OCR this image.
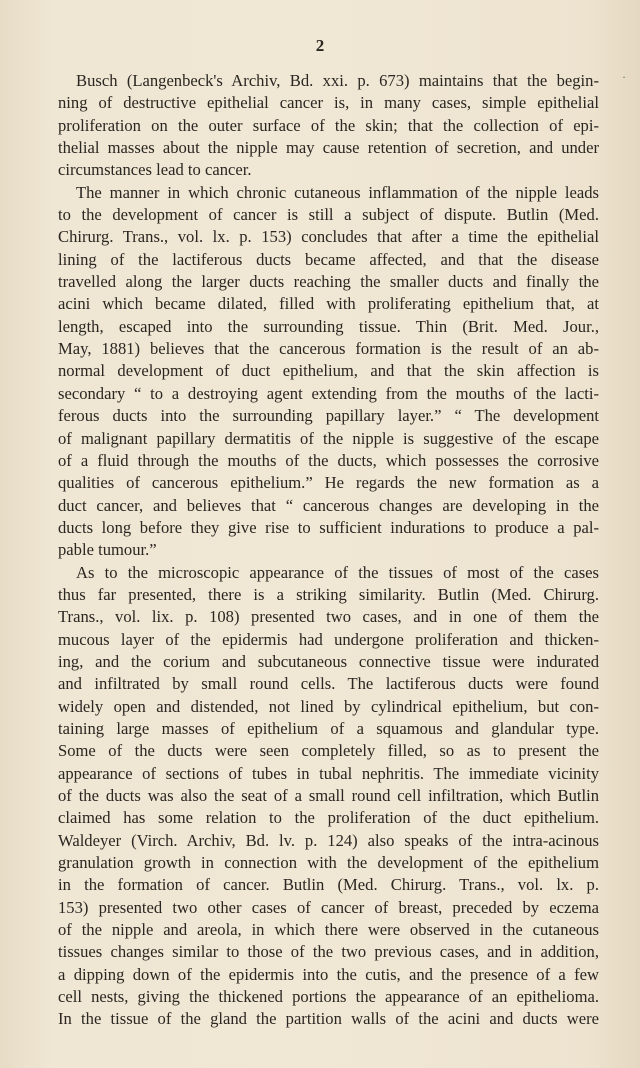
2
·
Busch (Langenbeck's Archiv, Bd. xxi. p. 673) maintains that the begin-
ning of destructive epithelial cancer is, in many cases, simple epithelial
proliferation on the outer surface of the skin; that the collection of epi-
thelial masses about the nipple may cause retention of secretion, and under
circumstances lead to cancer.
The manner in which chronic cutaneous inflammation of the nipple leads
to the development of cancer is still a subject of dispute. Butlin (Med.
Chirurg. Trans., vol. lx. p. 153) concludes that after a time the epithelial
lining of the lactiferous ducts became affected, and that the disease
travelled along the larger ducts reaching the smaller ducts and finally the
acini which became dilated, filled with proliferating epithelium that, at
length, escaped into the surrounding tissue. Thin (Brit. Med. Jour.,
May, 1881) believes that the cancerous formation is the result of an ab-
normal development of duct epithelium, and that the skin affection is
secondary “ to a destroying agent extending from the mouths of the lacti-
ferous ducts into the surrounding papillary layer.” “ The development
of malignant papillary dermatitis of the nipple is suggestive of the escape
of a fluid through the mouths of the ducts, which possesses the corrosive
qualities of cancerous epithelium.” He regards the new formation as a
duct cancer, and believes that “ cancerous changes are developing in the
ducts long before they give rise to sufficient indurations to produce a pal-
pable tumour.”
As to the microscopic appearance of the tissues of most of the cases
thus far presented, there is a striking similarity. Butlin (Med. Chirurg.
Trans., vol. lix. p. 108) presented two cases, and in one of them the
mucous layer of the epidermis had undergone proliferation and thicken-
ing, and the corium and subcutaneous connective tissue were indurated
and infiltrated by small round cells. The lactiferous ducts were found
widely open and distended, not lined by cylindrical epithelium, but con-
taining large masses of epithelium of a squamous and glandular type.
Some of the ducts were seen completely filled, so as to present the
appearance of sections of tubes in tubal nephritis. The immediate vicinity
of the ducts was also the seat of a small round cell infiltration, which Butlin
claimed has some relation to the proliferation of the duct epithelium.
Waldeyer (Virch. Archiv, Bd. lv. p. 124) also speaks of the intra-acinous
granulation growth in connection with the development of the epithelium
in the formation of cancer. Butlin (Med. Chirurg. Trans., vol. lx. p.
153) presented two other cases of cancer of breast, preceded by eczema
of the nipple and areola, in which there were observed in the cutaneous
tissues changes similar to those of the two previous cases, and in addition,
a dipping down of the epidermis into the cutis, and the presence of a few
cell nests, giving the thickened portions the appearance of an epithelioma.
In the tissue of the gland the partition walls of the acini and ducts were
